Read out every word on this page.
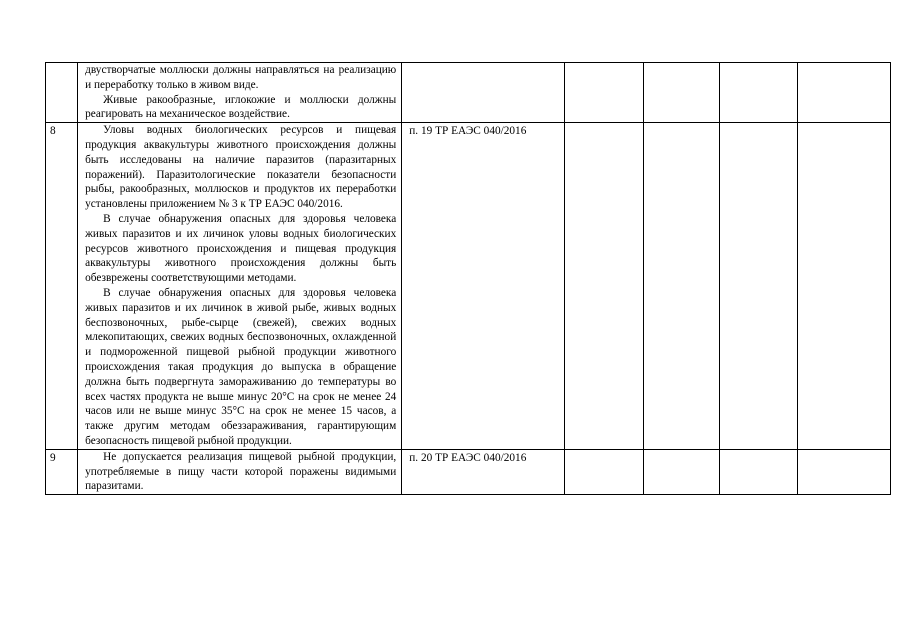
	двустворчатые моллюски должны направляться на реализацию и переработку только в живом виде.

Живые ракообразные, иглокожие и моллюски должны реагировать на механическое воздействие.					

8	Уловы водных биологических ресурсов и пищевая продукция аквакультуры животного происхождения должны быть исследованы на наличие паразитов (паразитарных поражений). Паразитологические показатели безопасности рыбы, ракообразных, моллюсков и продуктов их переработки установлены приложением № 3 к ТР ЕАЭС 040/2016.

В случае обнаружения опасных для здоровья человека живых паразитов и их личинок уловы водных биологических ресурсов животного происхождения и пищевая продукция аквакультуры животного происхождения должны быть обезврежены соответствующими методами.

В случае обнаружения опасных для здоровья человека живых паразитов и их личинок в живой рыбе, живых водных беспозвоночных, рыбе-сырце (свежей), свежих водных млекопитающих, свежих водных беспозвоночных, охлажденной и подмороженной пищевой рыбной продукции животного происхождения такая продукция до выпуска в обращение должна быть подвергнута замораживанию до температуры во всех частях продукта не выше минус 20°C на срок не менее 24 часов или не выше минус 35°C на срок не менее 15 часов, а также другим методам обеззараживания, гарантирующим безопасность пищевой рыбной продукции.	п. 19 ТР ЕАЭС 040/2016				

9	Не допускается реализация пищевой рыбной продукции, употребляемые в пищу части которой поражены видимыми паразитами.	п. 20 ТР ЕАЭС 040/2016				
